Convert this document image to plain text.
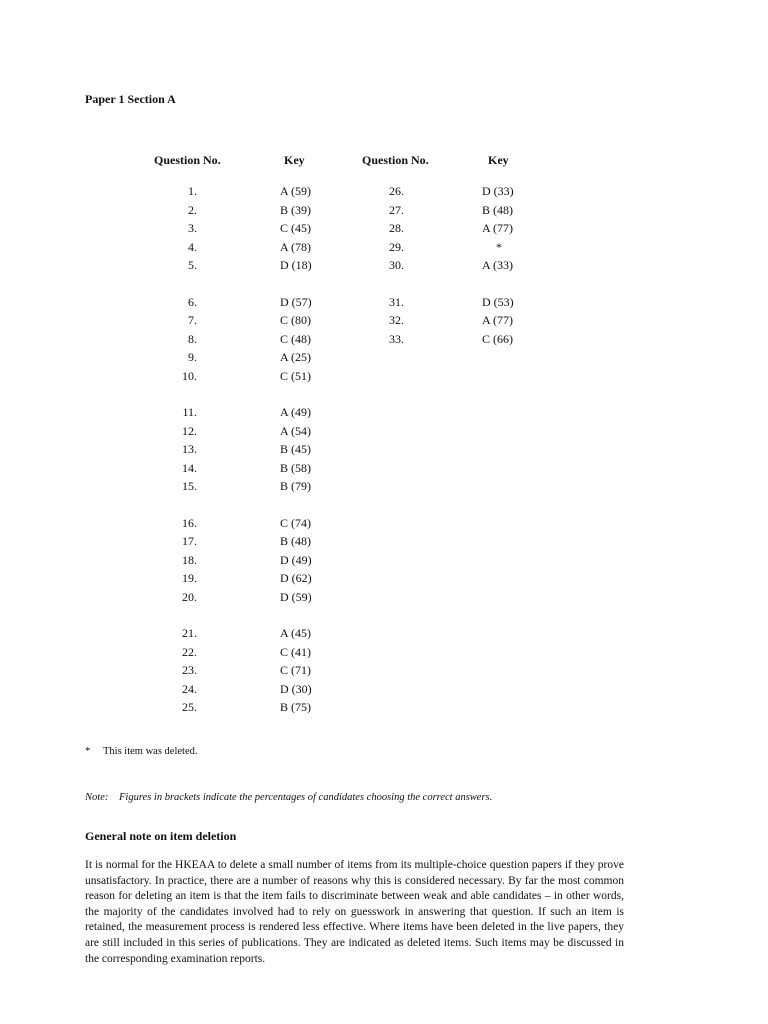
Paper 1 Section A
Question No.
1.
2.
3.
4.
5.
6.
7.
8.
9.
10.
11.
12.
13.
14.
15.
16.
17.
18.
19.
20.
21.
22.
23.
24.
25.
Key
A (59)
B (39)
C (45)
A (78)
D (18)
D (57)
C (80)
C (48)
A (25)
C (51)
A (49)
A (54)
B (45)
B (58)
B (79)
C (74)
B (48)
D (49)
D (62)
D (59)
A (45)
C (41)
C (71)
D (30)
B (75)
Question No.
26.
27.
28.
29.
30.
31.
32.
33.
Key
D (33)
B (48)
A (77)
*
A (33)
D (53)
A (77)
C (66)
* This item was deleted.
Note: Figures in brackets indicate the percentages of candidates choosing the correct answers.
General note on item deletion

It is normal for the HKEAA to delete a small number of items from its multiple-choice question papers if they prove unsatisfactory. In practice, there are a number of reasons why this is considered necessary. By far the most common reason for deleting an item is that the item fails to discriminate between weak and able candidates – in other words, the majority of the candidates involved had to rely on guesswork in answering that question. If such an item is retained, the measurement process is rendered less effective. Where items have been deleted in the live papers, they are still included in this series of publications. They are indicated as deleted items. Such items may be discussed in the corresponding examination reports.
